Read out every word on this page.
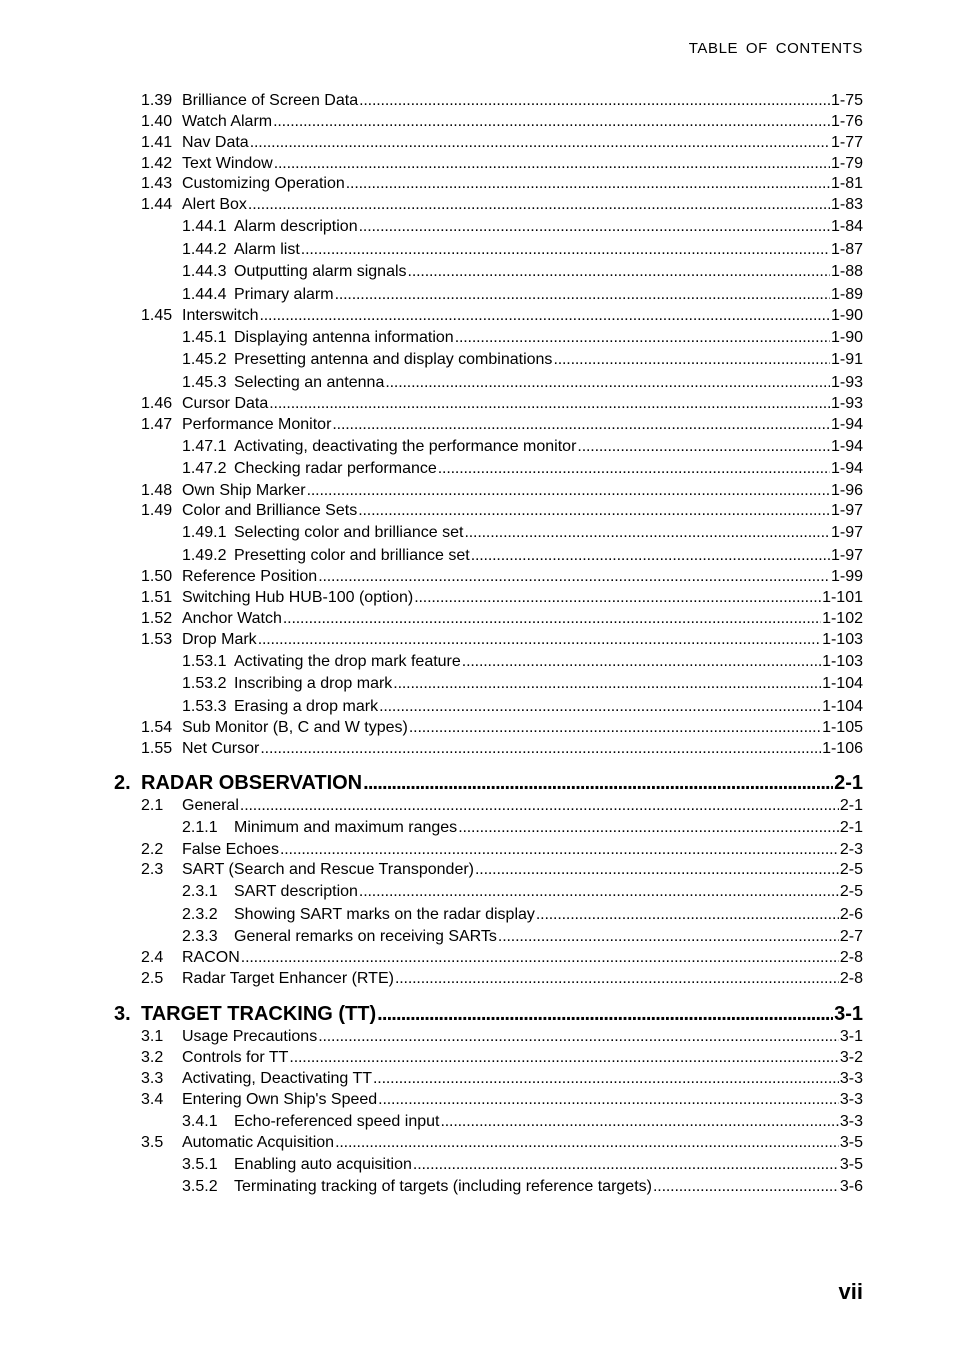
TABLE OF CONTENTS
1.39 Brilliance of Screen Data . . .	1-75
1.40 Watch Alarm . . .	1-76
1.41 Nav Data . . .	1-77
1.42 Text Window . . .	1-79
1.43 Customizing Operation . . .	1-81
1.44 Alert Box . . .	1-83
1.44.1 Alarm description . . .	1-84
1.44.2 Alarm list . . .	1-87
1.44.3 Outputting alarm signals . . .	1-88
1.44.4 Primary alarm . . .	1-89
1.45 Interswitch . . .	1-90
1.45.1 Displaying antenna information . . .	1-90
1.45.2 Presetting antenna and display combinations . . .	1-91
1.45.3 Selecting an antenna . . .	1-93
1.46 Cursor Data . . .	1-93
1.47 Performance Monitor . . .	1-94
1.47.1 Activating, deactivating the performance monitor . . .	1-94
1.47.2 Checking radar performance . . .	1-94
1.48 Own Ship Marker . . .	1-96
1.49 Color and Brilliance Sets . . .	1-97
1.49.1 Selecting color and brilliance set . . .	1-97
1.49.2 Presetting color and brilliance set . . .	1-97
1.50 Reference Position . . .	1-99
1.51 Switching Hub HUB-100 (option) . . .	1-101
1.52 Anchor Watch . . .	1-102
1.53 Drop Mark . . .	1-103
1.53.1 Activating the drop mark feature . . .	1-103
1.53.2 Inscribing a drop mark . . .	1-104
1.53.3 Erasing a drop mark . . .	1-104
1.54 Sub Monitor (B, C and W types) . . .	1-105
1.55 Net Cursor . . .	1-106
2. RADAR OBSERVATION . . .	2-1
2.1	General . . .	2-1
2.1.1	Minimum and maximum ranges . . .	2-1
2.2	False Echoes . . .	2-3
2.3	SART (Search and Rescue Transponder) . . .	2-5
2.3.1	SART description . . .	2-5
2.3.2	Showing SART marks on the radar display . . .	2-6
2.3.3	General remarks on receiving SARTs . . .	2-7
2.4	RACON . . .	2-8
2.5	Radar Target Enhancer (RTE) . . .	2-8
3. TARGET TRACKING (TT) . . .	3-1
3.1	Usage Precautions . . .	3-1
3.2	Controls for TT . . .	3-2
3.3	Activating, Deactivating TT . . .	3-3
3.4	Entering Own Ship's Speed . . .	3-3
3.4.1	Echo-referenced speed input . . .	3-3
3.5	Automatic Acquisition . . .	3-5
3.5.1	Enabling auto acquisition . . .	3-5
3.5.2	Terminating tracking of targets (including reference targets) . . .	3-6
vii
